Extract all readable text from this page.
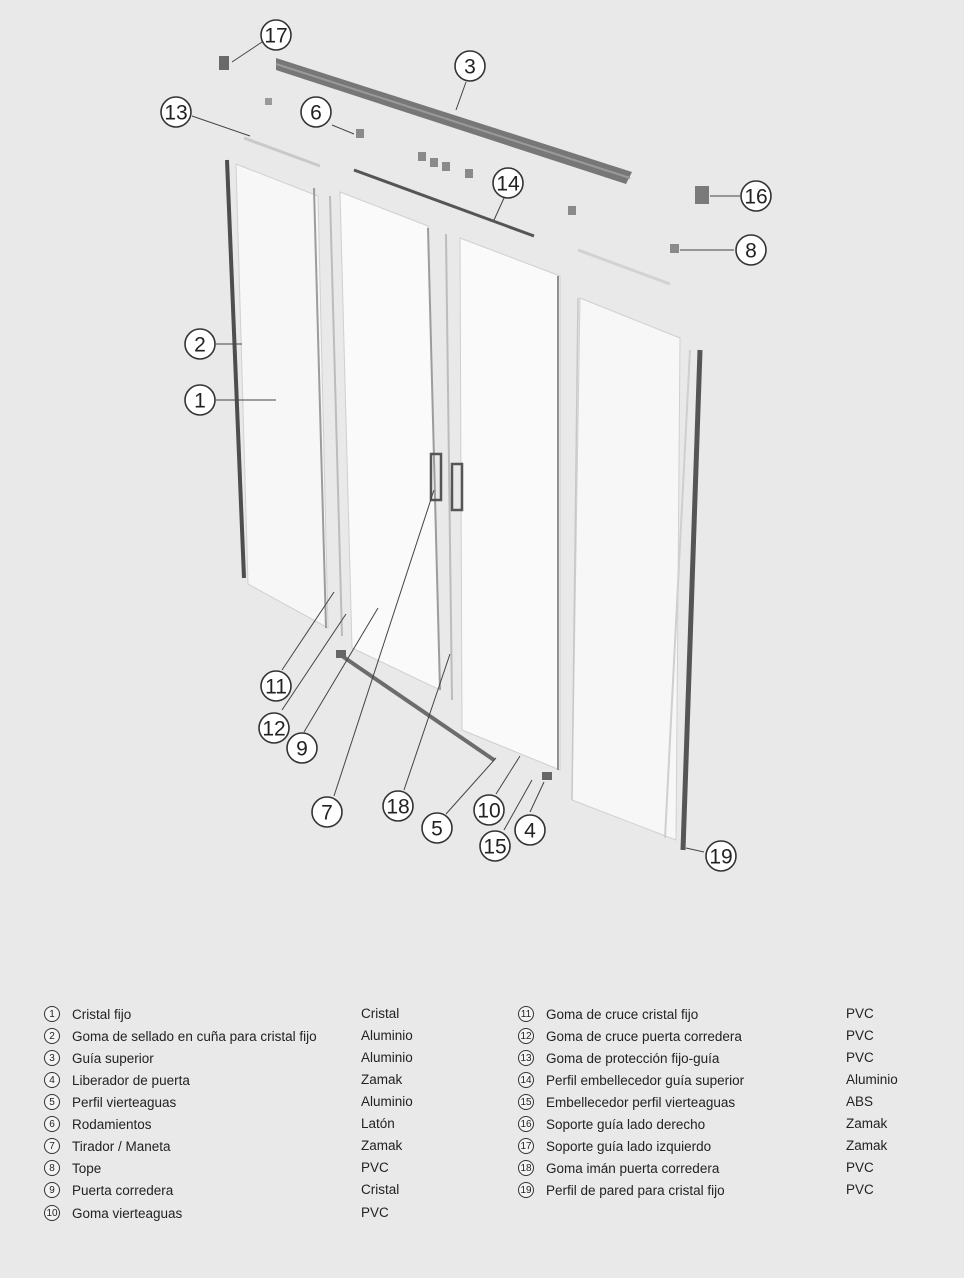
1
2
3
4
5
6
7
8
9
10
11
12
13
14
15
16
17
18
19
1	Cristal fijo	Cristal
2	Goma de sellado en cuña para cristal fijo	Aluminio
3	Guía superior	Aluminio
4	Liberador de puerta	Zamak
5	Perfil vierteaguas	Aluminio
6	Rodamientos	Latón
7	Tirador / Maneta	Zamak
8	Tope	PVC
9	Puerta corredera	Cristal
10 Goma vierteaguas	PVC
11 Goma de cruce cristal fijo	PVC
12 Goma de cruce puerta corredera	PVC
13 Goma de protección fijo-guía	PVC
14 Perfil embellecedor guía superior	Aluminio
15 Embellecedor perfil vierteaguas	ABS
16 Soporte guía lado derecho	Zamak
17 Soporte guía lado izquierdo	Zamak
18 Goma imán puerta corredera	PVC
19 Perfil de pared para cristal fijo	PVC
